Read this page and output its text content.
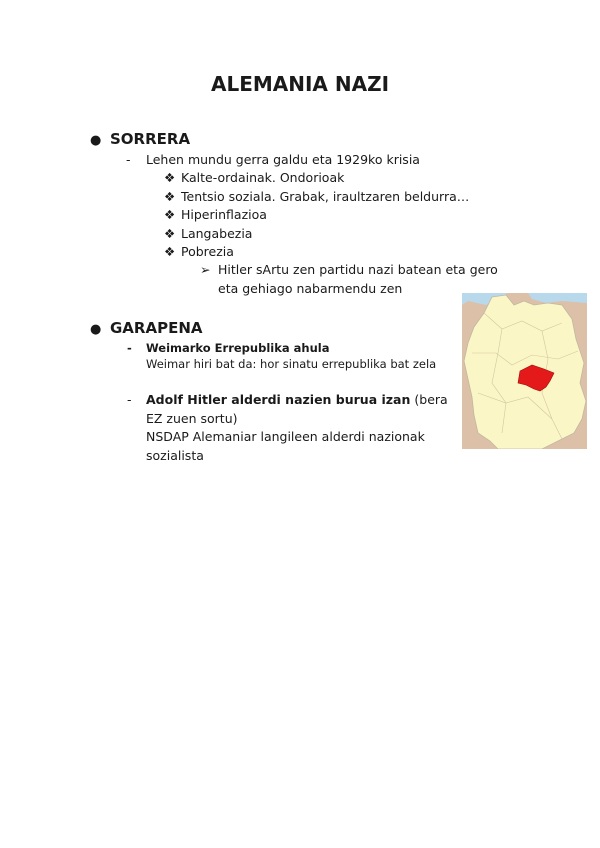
ALEMANIA NAZI
● SORRERA
- Lehen mundu gerra galdu eta 1929ko krisia
❖ Kalte-ordainak. Ondorioak
❖ Tentsio soziala. Grabak, iraultzaren beldurra…
❖ Hiperinflazioa
❖ Langabezia
❖ Pobrezia
➢ Hitler sArtu zen partidu nazi batean eta gero
eta gehiago nabarmendu zen
● GARAPENA
- Weimarko Errepublika ahula
Weimar hiri bat da: hor sinatu errepublika bat zela
- Adolf Hitler alderdi nazien burua izan (bera
EZ zuen sortu)
NSDAP Alemaniar langileen alderdi nazionak
sozialista
